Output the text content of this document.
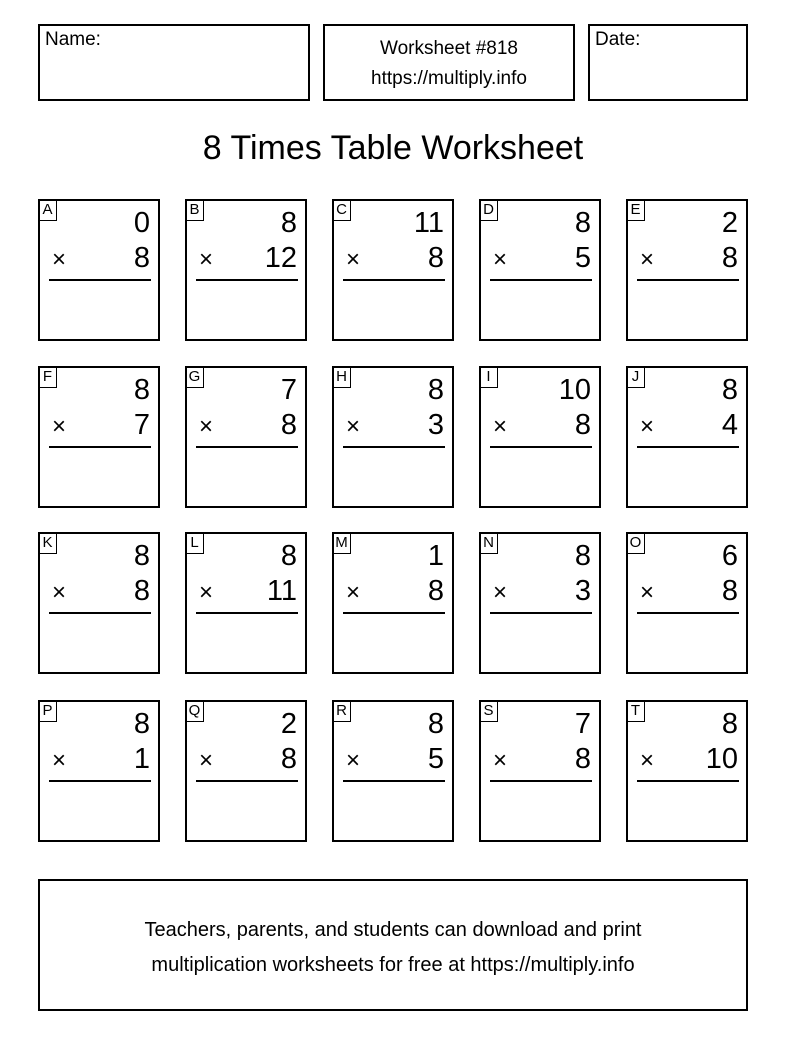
Name:	Worksheet #818
https://multiply.info
Date:
8 Times Table Worksheet
A	0
× 8
B	8
× 12
C 11
× 8
D	8
× 5
E	2
× 8
F	8
× 7
G	7
× 8
H	8
× 3
I 10
× 8
J	8
× 4
K	8
× 8
L	8
× 11
M	1
× 8
N	8
× 3
O	6
× 8
P	8
× 1
Q	2
× 8
R	8
× 5
S	7
× 8
T	8
× 10
Teachers, parents, and students can download and print
multiplication worksheets for free at https://multiply.info
